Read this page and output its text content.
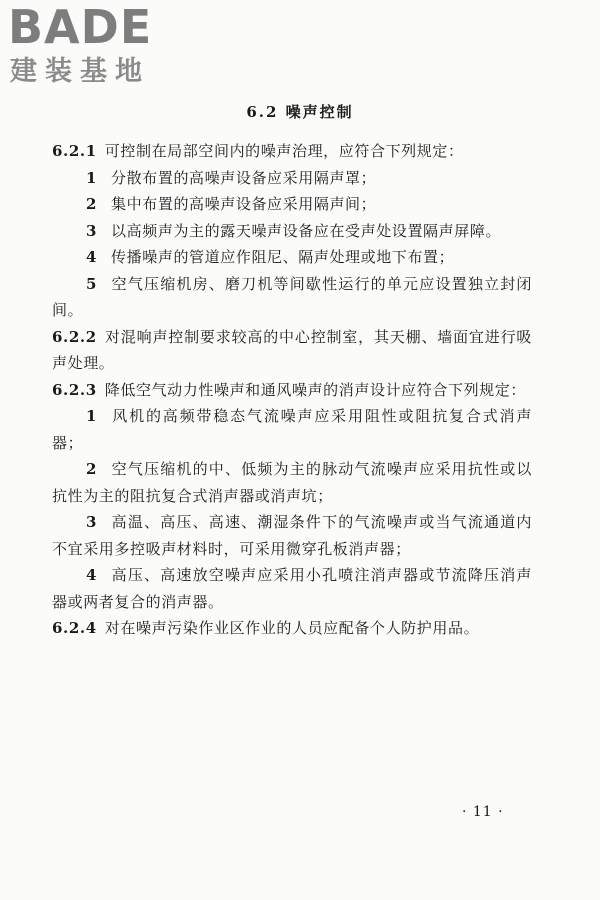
BADE
建装基地
6.2 噪声控制

6.2.1 可控制在局部空间内的噪声治理，应符合下列规定：

1 分散布置的高噪声设备应采用隔声罩；

2 集中布置的高噪声设备应采用隔声间；

3 以高频声为主的露天噪声设备应在受声处设置隔声屏障。

4 传播噪声的管道应作阻尼、隔声处理或地下布置；

5 空气压缩机房、磨刀机等间歇性运行的单元应设置独立封闭间。

6.2.2 对混响声控制要求较高的中心控制室，其天棚、墙面宜进行吸声处理。

6.2.3 降低空气动力性噪声和通风噪声的消声设计应符合下列规定：

1 风机的高频带稳态气流噪声应采用阻性或阻抗复合式消声器；

2 空气压缩机的中、低频为主的脉动气流噪声应采用抗性或以抗性为主的阻抗复合式消声器或消声坑；

3 高温、高压、高速、潮湿条件下的气流噪声或当气流通道内不宜采用多控吸声材料时，可采用微穿孔板消声器；

4 高压、高速放空噪声应采用小孔喷注消声器或节流降压消声器或两者复合的消声器。

6.2.4 对在噪声污染作业区作业的人员应配备个人防护用品。

· 11 ·
